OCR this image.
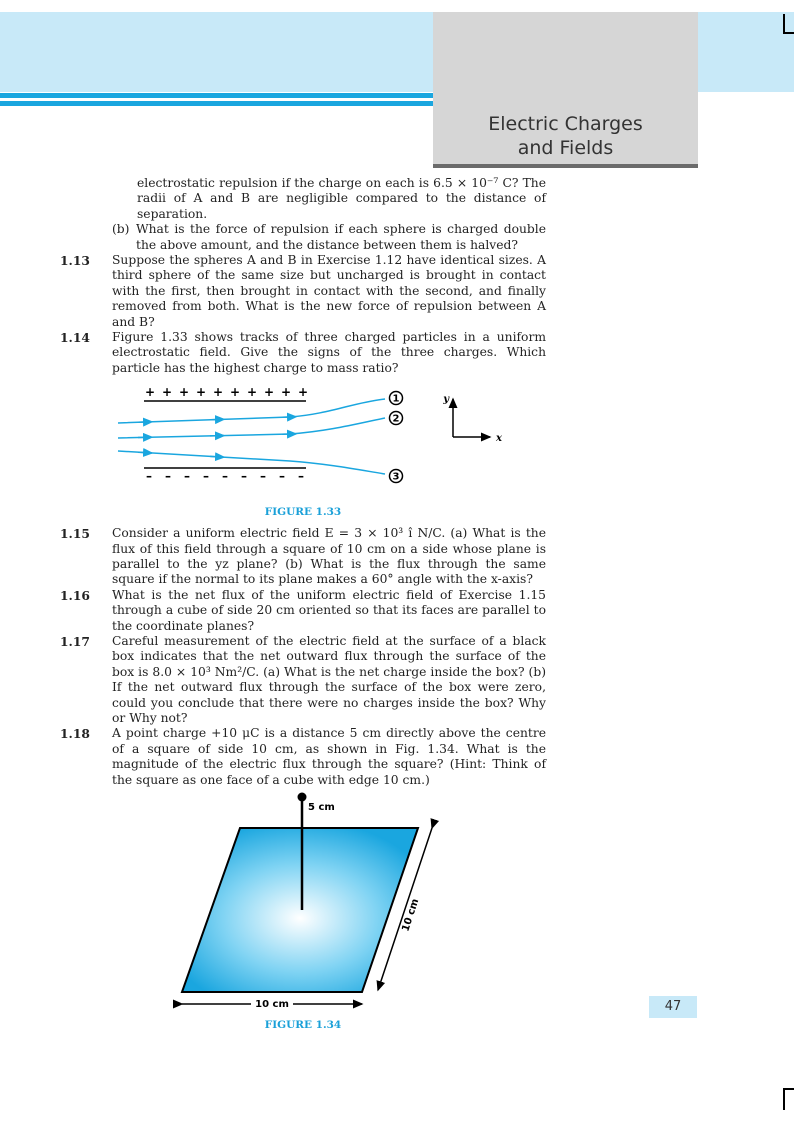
Electric Charges
and Fields
electrostatic repulsion if the charge on each is 6.5 × 10⁻⁷ C? The radii of A and B are negligible compared to the distance of separation.
(b) What is the force of repulsion if each sphere is charged double the above amount, and the distance between them is halved?
1.13	Suppose the spheres A and B in Exercise 1.12 have identical sizes. A third sphere of the same size but uncharged is brought in contact with the first, then brought in contact with the second, and finally removed from both. What is the new force of repulsion between A and B?
1.14	Figure 1.33 shows tracks of three charged particles in a uniform electrostatic field. Give the signs of the three charges. Which particle has the highest charge to mass ratio?
+ + + + + + + + + +
– – – – – – – – –
1
2
3
y
x
FIGURE 1.33
1.15	Consider a uniform electric field E = 3 × 10³ î N/C. (a) What is the flux of this field through a square of 10 cm on a side whose plane is parallel to the yz plane? (b) What is the flux through the same square if the normal to its plane makes a 60° angle with the x-axis?
1.16	What is the net flux of the uniform electric field of Exercise 1.15 through a cube of side 20 cm oriented so that its faces are parallel to the coordinate planes?
1.17	Careful measurement of the electric field at the surface of a black box indicates that the net outward flux through the surface of the box is 8.0 × 10³ Nm²/C. (a) What is the net charge inside the box? (b) If the net outward flux through the surface of the box were zero, could you conclude that there were no charges inside the box? Why or Why not?
1.18	A point charge +10 μC is a distance 5 cm directly above the centre of a square of side 10 cm, as shown in Fig. 1.34. What is the magnitude of the electric flux through the square? (Hint: Think of the square as one face of a cube with edge 10 cm.)
5 cm
10 cm
10 cm
FIGURE 1.34
47
